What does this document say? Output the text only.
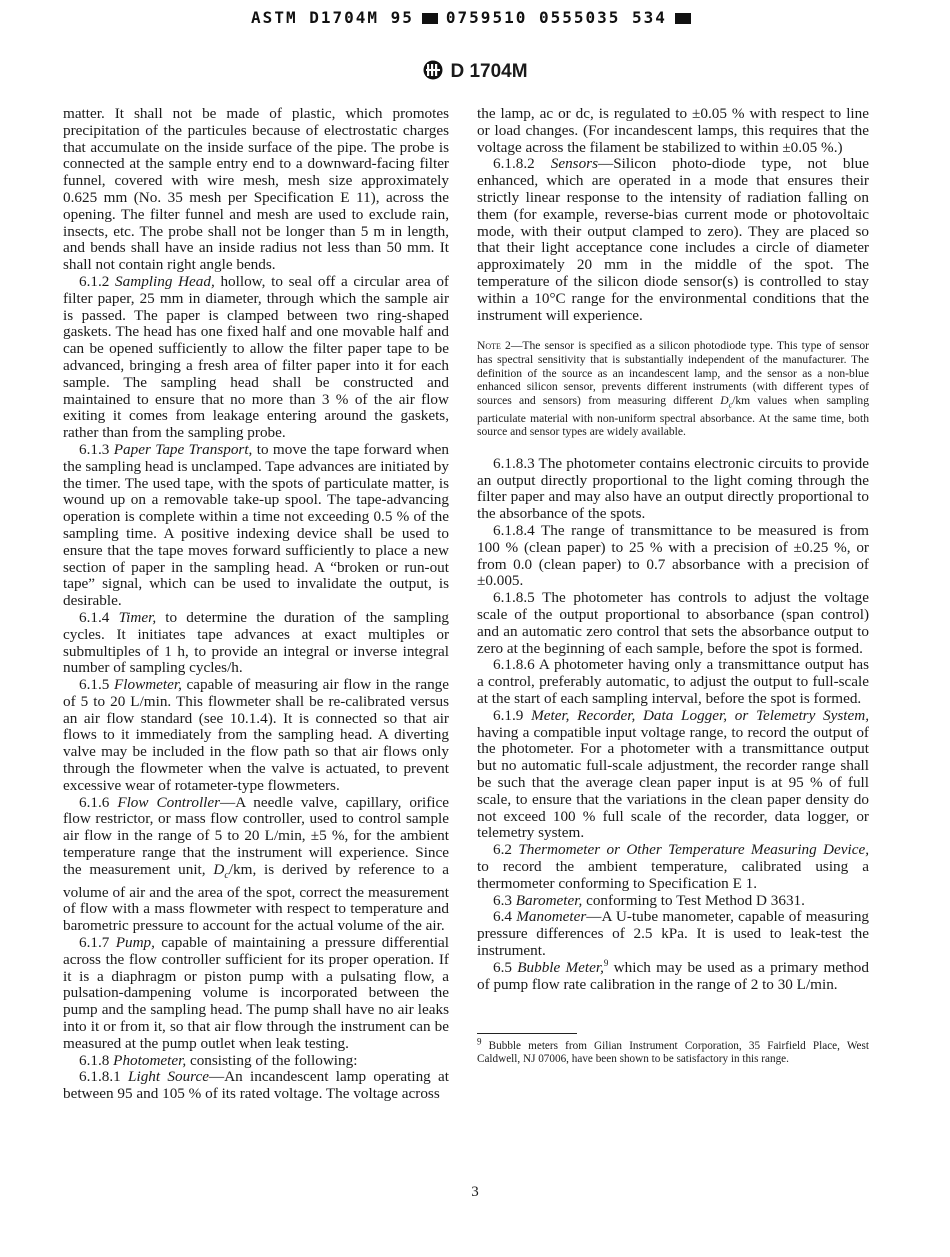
ASTM D1704M 95 0759510 0555035 534
D 1704M

matter. It shall not be made of plastic, which promotes precipitation of the particules because of electrostatic charges that accumulate on the inside surface of the pipe. The probe is connected at the sample entry end to a downward-facing filter funnel, covered with wire mesh, mesh size approximately 0.625 mm (No. 35 mesh per Specification E 11), across the opening. The filter funnel and mesh are used to exclude rain, insects, etc. The probe shall not be longer than 5 m in length, and bends shall have an inside radius not less than 50 mm. It shall not contain right angle bends.

6.1.2 Sampling Head, hollow, to seal off a circular area of filter paper, 25 mm in diameter, through which the sample air is passed. The paper is clamped between two ring-shaped gaskets. The head has one fixed half and one movable half and can be opened sufficiently to allow the filter paper tape to be advanced, bringing a fresh area of filter paper into it for each sample. The sampling head shall be constructed and maintained to ensure that no more than 3 % of the air flow exiting it comes from leakage entering around the gaskets, rather than from the sampling probe.

6.1.3 Paper Tape Transport, to move the tape forward when the sampling head is unclamped. Tape advances are initiated by the timer. The used tape, with the spots of particulate matter, is wound up on a removable take-up spool. The tape-advancing operation is complete within a time not exceeding 0.5 % of the sampling time. A positive indexing device shall be used to ensure that the tape moves forward sufficiently to place a new section of paper in the sampling head. A “broken or run-out tape” signal, which can be used to invalidate the output, is desirable.

6.1.4 Timer, to determine the duration of the sampling cycles. It initiates tape advances at exact multiples or submultiples of 1 h, to provide an integral or inverse integral number of sampling cycles/h.

6.1.5 Flowmeter, capable of measuring air flow in the range of 5 to 20 L/min. This flowmeter shall be re-calibrated versus an air flow standard (see 10.1.4). It is connected so that air flows to it immediately from the sampling head. A diverting valve may be included in the flow path so that air flows only through the flowmeter when the valve is actuated, to prevent excessive wear of rotameter-type flowmeters.

6.1.6 Flow Controller—A needle valve, capillary, orifice flow restrictor, or mass flow controller, used to control sample air flow in the range of 5 to 20 L/min, ±5 %, for the ambient temperature range that the instrument will experience. Since the measurement unit, $D_c/km$, is derived by reference to a volume of air and the area of the spot, correct the measurement of flow with a mass flowmeter with respect to temperature and barometric pressure to account for the actual volume of the air.

6.1.7 Pump, capable of maintaining a pressure differential across the flow controller sufficient for its proper operation. If it is a diaphragm or piston pump with a pulsating flow, a pulsation-dampening volume is incorporated between the pump and the sampling head. The pump shall have no air leaks into it or from it, so that air flow through the instrument can be measured at the pump outlet when leak testing.

6.1.8 Photometer, consisting of the following:

6.1.8.1 Light Source—An incandescent lamp operating at between 95 and 105 % of its rated voltage. The voltage across

the lamp, ac or dc, is regulated to ±0.05 % with respect to line or load changes. (For incandescent lamps, this requires that the voltage across the filament be stabilized to within ±0.05 %.)

6.1.8.2 Sensors—Silicon photo-diode type, not blue enhanced, which are operated in a mode that ensures their strictly linear response to the intensity of radiation falling on them (for example, reverse-bias current mode or photovoltaic mode, with their output clamped to zero). They are placed so that their light acceptance cone includes a circle of diameter approximately 20 mm in the middle of the spot. The temperature of the silicon diode sensor(s) is controlled to stay within a 10°C range for the environmental conditions that the instrument will experience.

Note 2—The sensor is specified as a silicon photodiode type. This type of sensor has spectral sensitivity that is substantially independent of the manufacturer. The definition of the source as an incandescent lamp, and the sensor as a non-blue enhanced silicon sensor, prevents different instruments (with different types of sources and sensors) from measuring different $D_c/km$ values when sampling particulate material with non-uniform spectral absorbance. At the same time, both source and sensor types are widely available.

6.1.8.3 The photometer contains electronic circuits to provide an output directly proportional to the light coming through the filter paper and may also have an output directly proportional to the absorbance of the spots.

6.1.8.4 The range of transmittance to be measured is from 100 % (clean paper) to 25 % with a precision of ±0.25 %, or from 0.0 (clean paper) to 0.7 absorbance with a precision of ±0.005.

6.1.8.5 The photometer has controls to adjust the voltage scale of the output proportional to absorbance (span control) and an automatic zero control that sets the absorbance output to zero at the beginning of each sample, before the spot is formed.

6.1.8.6 A photometer having only a transmittance output has a control, preferably automatic, to adjust the output to full-scale at the start of each sampling interval, before the spot is formed.

6.1.9 Meter, Recorder, Data Logger, or Telemetry System, having a compatible input voltage range, to record the output of the photometer. For a photometer with a transmittance output but no automatic full-scale adjustment, the recorder range shall be such that the average clean paper input is at 95 % of full scale, to ensure that the variations in the clean paper density do not exceed 100 % full scale of the recorder, data logger, or telemetry system.

6.2 Thermometer or Other Temperature Measuring Device, to record the ambient temperature, calibrated using a thermometer conforming to Specification E 1.

6.3 Barometer, conforming to Test Method D 3631.

6.4 Manometer—A U-tube manometer, capable of measuring pressure differences of 2.5 kPa. It is used to leak-test the instrument.

6.5 Bubble Meter,$^9$ which may be used as a primary method of pump flow rate calibration in the range of 2 to 30 L/min.

$^9$ Bubble meters from Gilian Instrument Corporation, 35 Fairfield Place, West Caldwell, NJ 07006, have been shown to be satisfactory in this range.

3
